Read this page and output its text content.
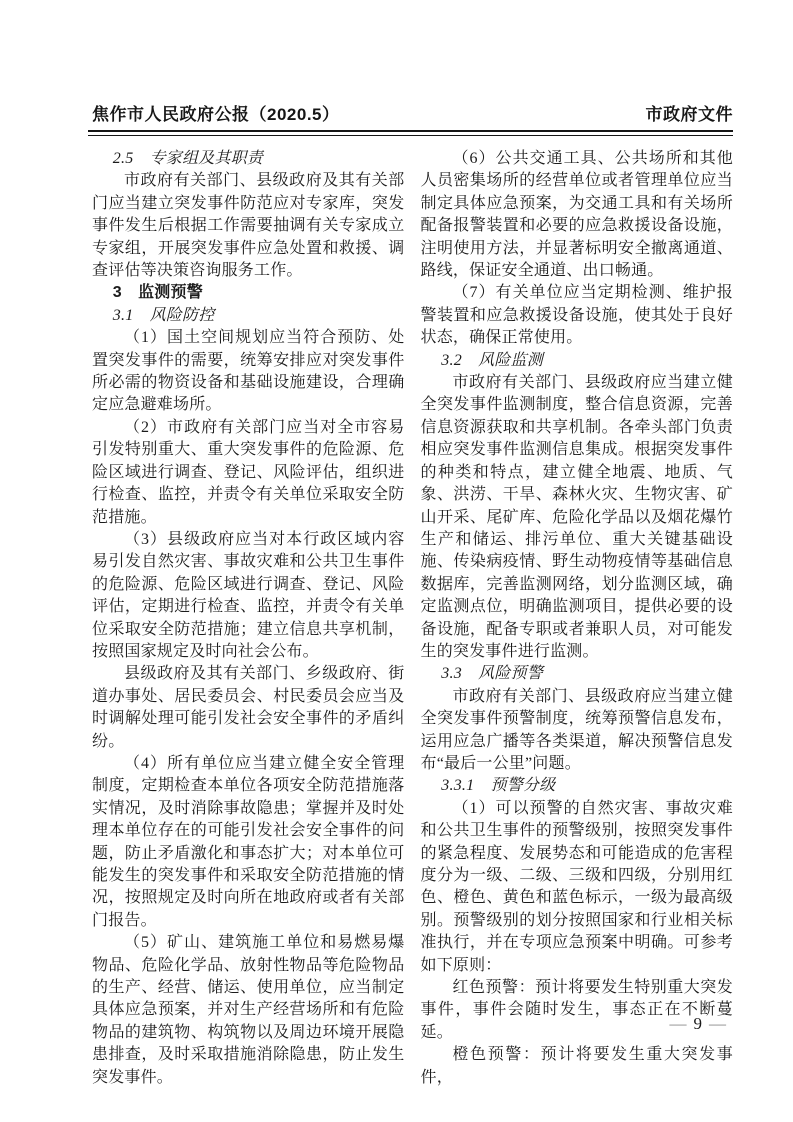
焦作市人民政府公报（2020.5）	市政府文件

2.5　专家组及其职责

市政府有关部门、县级政府及其有关部门应当建立突发事件防范应对专家库，突发事件发生后根据工作需要抽调有关专家成立专家组，开展突发事件应急处置和救援、调查评估等决策咨询服务工作。

3　监测预警

3.1　风险防控

（1）国土空间规划应当符合预防、处置突发事件的需要，统筹安排应对突发事件所必需的物资设备和基础设施建设，合理确定应急避难场所。

（2）市政府有关部门应当对全市容易引发特别重大、重大突发事件的危险源、危险区域进行调查、登记、风险评估，组织进行检查、监控，并责令有关单位采取安全防范措施。

（3）县级政府应当对本行政区域内容易引发自然灾害、事故灾难和公共卫生事件的危险源、危险区域进行调查、登记、风险评估，定期进行检查、监控，并责令有关单位采取安全防范措施；建立信息共享机制，按照国家规定及时向社会公布。

县级政府及其有关部门、乡级政府、街道办事处、居民委员会、村民委员会应当及时调解处理可能引发社会安全事件的矛盾纠纷。

（4）所有单位应当建立健全安全管理制度，定期检查本单位各项安全防范措施落实情况，及时消除事故隐患；掌握并及时处理本单位存在的可能引发社会安全事件的问题，防止矛盾激化和事态扩大；对本单位可能发生的突发事件和采取安全防范措施的情况，按照规定及时向所在地政府或者有关部门报告。

（5）矿山、建筑施工单位和易燃易爆物品、危险化学品、放射性物品等危险物品的生产、经营、储运、使用单位，应当制定具体应急预案，并对生产经营场所和有危险物品的建筑物、构筑物以及周边环境开展隐患排查，及时采取措施消除隐患，防止发生突发事件。

（6）公共交通工具、公共场所和其他人员密集场所的经营单位或者管理单位应当制定具体应急预案，为交通工具和有关场所配备报警装置和必要的应急救援设备设施，注明使用方法，并显著标明安全撤离通道、路线，保证安全通道、出口畅通。

（7）有关单位应当定期检测、维护报警装置和应急救援设备设施，使其处于良好状态，确保正常使用。

3.2　风险监测

市政府有关部门、县级政府应当建立健全突发事件监测制度，整合信息资源，完善信息资源获取和共享机制。各牵头部门负责相应突发事件监测信息集成。根据突发事件的种类和特点，建立健全地震、地质、气象、洪涝、干旱、森林火灾、生物灾害、矿山开采、尾矿库、危险化学品以及烟花爆竹生产和储运、排污单位、重大关键基础设施、传染病疫情、野生动物疫情等基础信息数据库，完善监测网络，划分监测区域，确定监测点位，明确监测项目，提供必要的设备设施，配备专职或者兼职人员，对可能发生的突发事件进行监测。

3.3　风险预警

市政府有关部门、县级政府应当建立健全突发事件预警制度，统筹预警信息发布，运用应急广播等各类渠道，解决预警信息发布“最后一公里”问题。

3.3.1　预警分级

（1）可以预警的自然灾害、事故灾难和公共卫生事件的预警级别，按照突发事件的紧急程度、发展势态和可能造成的危害程度分为一级、二级、三级和四级，分别用红色、橙色、黄色和蓝色标示，一级为最高级别。预警级别的划分按照国家和行业相关标准执行，并在专项应急预案中明确。可参考如下原则：

红色预警：预计将要发生特别重大突发事件，事件会随时发生，事态正在不断蔓延。

橙色预警：预计将要发生重大突发事件，

— 9 —
